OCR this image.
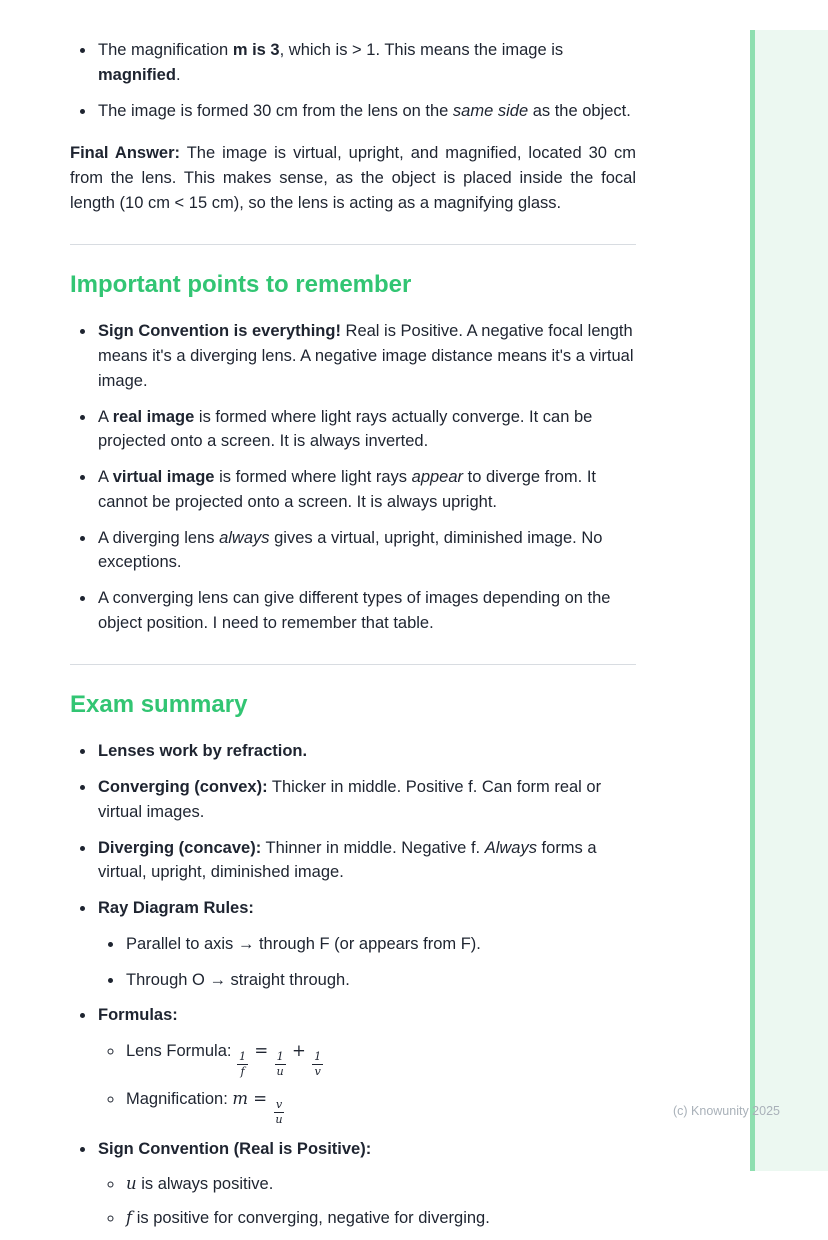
• The magnification m is 3, which is > 1. This means the image is magnified.
• The image is formed 30 cm from the lens on the same side as the object.

Final Answer: The image is virtual, upright, and magnified, located 30 cm from the lens. This makes sense, as the object is placed inside the focal length (10 cm < 15 cm), so the lens is acting as a magnifying glass.

Important points to remember
• Sign Convention is everything! Real is Positive. A negative focal length means it's a diverging lens. A negative image distance means it's a virtual image.
• A real image is formed where light rays actually converge. It can be projected onto a screen. It is always inverted.
• A virtual image is formed where light rays appear to diverge from. It cannot be projected onto a screen. It is always upright.
• A diverging lens always gives a virtual, upright, diminished image. No exceptions.
• A converging lens can give different types of images depending on the object position. I need to remember that table.
Exam summary
• Lenses work by refraction.
• Converging (convex): Thicker in middle. Positive f. Can form real or virtual images.
• Diverging (concave): Thinner in middle. Negative f. Always forms a virtual, upright, diminished image.
• Ray Diagram Rules:
• Parallel to axis → through F (or appears from F).
• Through O → straight through.
• Formulas:
◦ Lens Formula:
$\frac{1}{f}$
=
$\frac{1}{u}$
+
$\frac{1}{v}$
◦ Magnification: m =
$\frac{v}{u}$
• Sign Convention (Real is Positive):
◦ u is always positive.
◦ f is positive for converging, negative for diverging.
(c) Knowunity 2025
